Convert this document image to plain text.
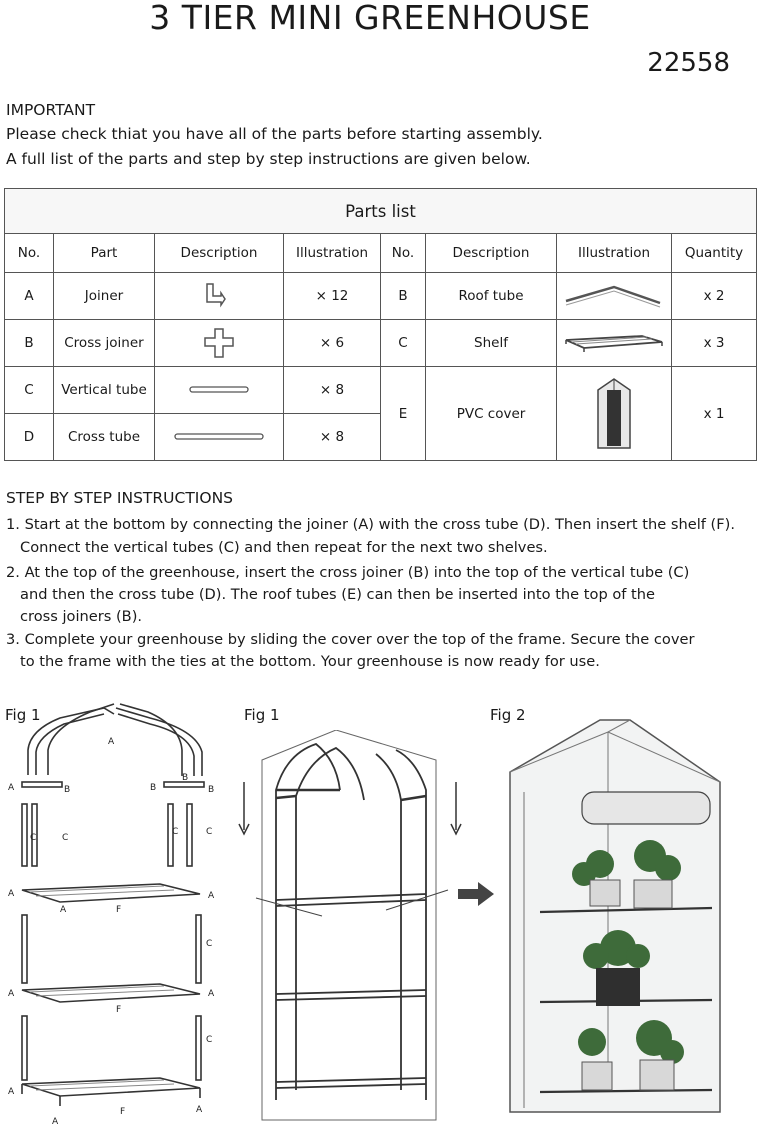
3 TIER MINI GREENHOUSE
22558
IMPORTANT
Please check thiat you have all of the parts before starting assembly.
A full list of the parts and step by step instructions are given below.
Parts list							
No.	Part	Description	Illustration	No.	Description	Illustration	Quantity
A	Joiner		× 12	B	Roof tube		x 2
B	Cross joiner		× 6	C	Shelf		x 3
C	Vertical tube		× 8	E	PVC cover		x 1
D	Cross tube		× 8				
STEP BY STEP INSTRUCTIONS
1. Start at the bottom by connecting the joiner (A) with the cross tube (D). Then insert the shelf (F).
Connect the vertical tubes (C) and then repeat for the next two shelves.
2. At the top of the greenhouse, insert the cross joiner (B) into the top of the vertical tube (C)
and then the cross tube (D). The roof tubes (E) can then be inserted into the top of the
cross joiners (B).
3. Complete your greenhouse by sliding the cover over the top of the frame. Secure the cover
to the frame with the ties at the bottom. Your greenhouse is now ready for use.
Fig 1	Fig 1	Fig 2
A
A	B	B	B
B
C	C
C	C
C
C
A	A
A	F
A	A
F
A
A
F
A
